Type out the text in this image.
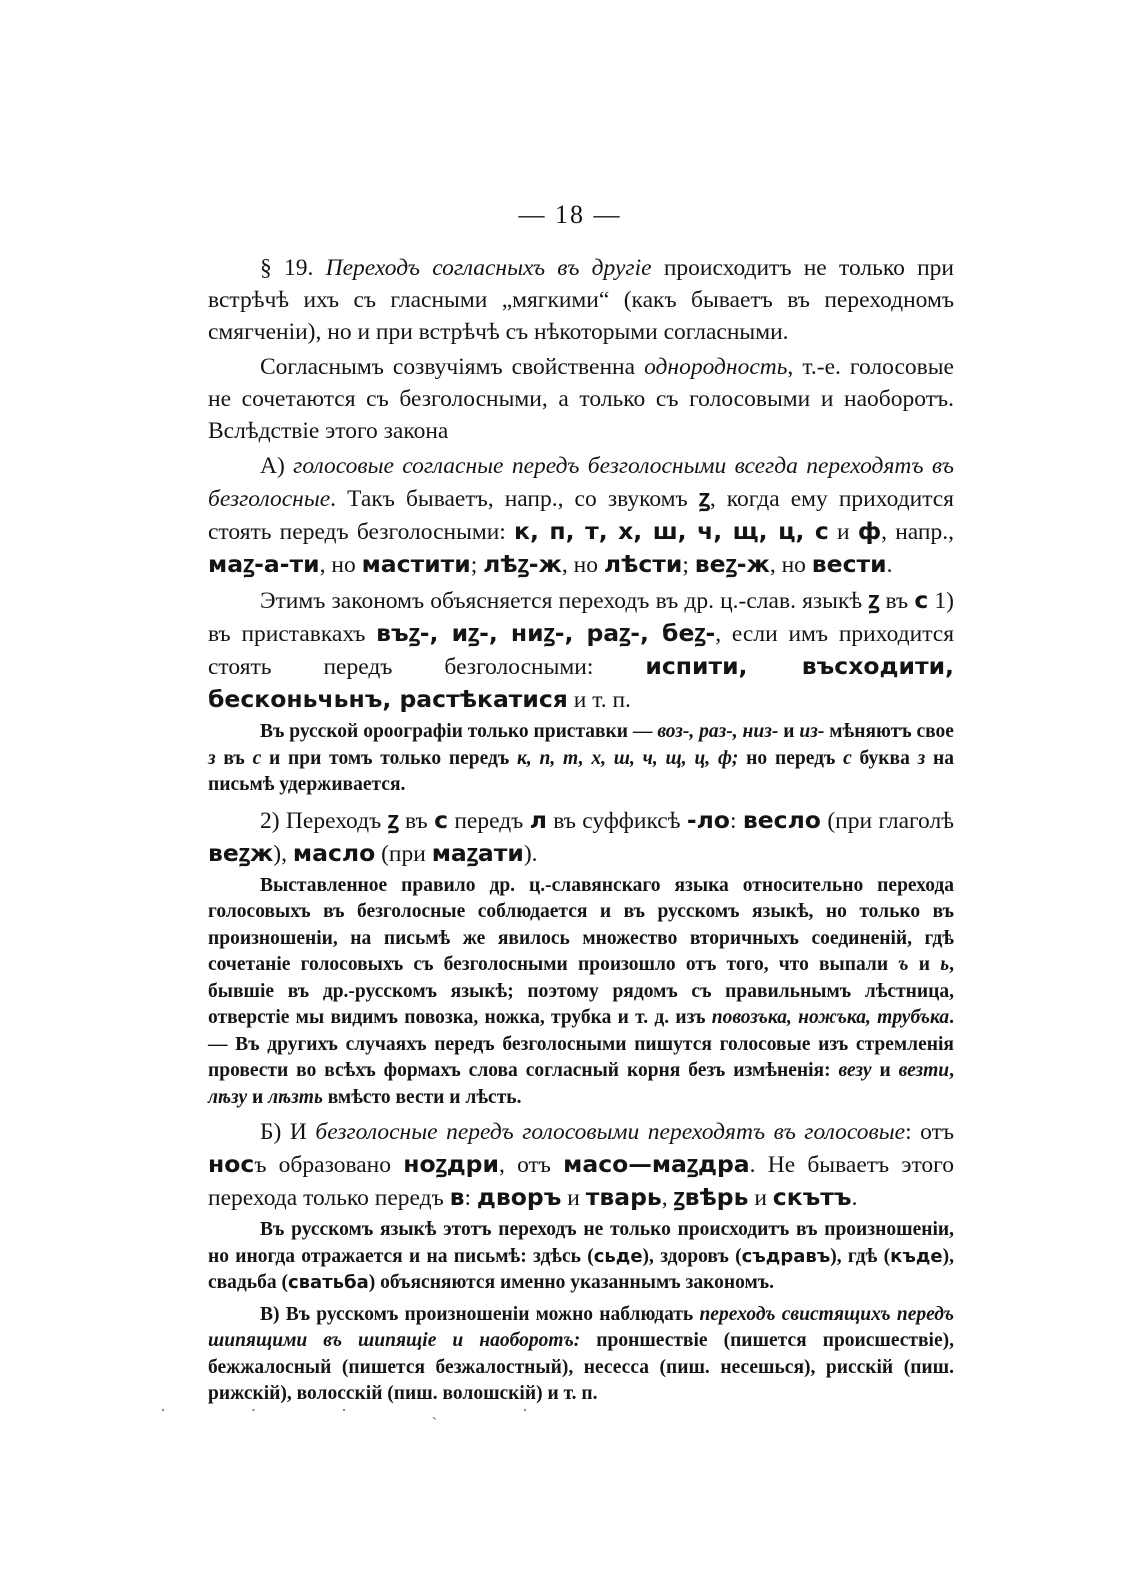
— 18 —

§ 19. Переходъ согласныхъ въ другіе происходитъ не только при встрѣчѣ ихъ съ гласными „мягкими“ (какъ бываетъ въ переходномъ смягченіи), но и при встрѣчѣ съ нѣкоторыми согласными.

Согласнымъ созвучіямъ свойственна однородность, т.-е. голосовые не сочетаются съ безголосными, а только съ голосовыми и наоборотъ. Вслѣдствіе этого закона

А) голосовые согласные передъ безголосными всегда переходятъ въ безголосные. Такъ бываетъ, напр., со звукомъ ꙁ, когда ему приходится стоять передъ безголосными: к, п, т, х, ш, ч, щ, ц, с и ф, напр., маꙁ-а-ти, но мастити; лѣꙁ-ж, но лѣсти; веꙁ-ж, но вести.

Этимъ закономъ объясняется переходъ въ др. ц.-слав. языкѣ ꙁ въ с 1) въ приставкахъ въꙁ-, иꙁ-, ниꙁ-, раꙁ-, беꙁ-, если имъ приходится стоять передъ безголосными: испити, въсходити, бесконьчьнъ, растѣкатися и т. п.

Въ русской ороографіи только приставки — воз-, раз-, низ- и из- мѣняютъ свое з въ с и при томъ только передъ к, п, т, х, ш, ч, щ, ц, ф; но передъ с буква з на письмѣ удерживается.

2) Переходъ ꙁ въ с передъ л въ суффиксѣ -ло: весло (при глаголѣ веꙁж), масло (при маꙁати).

Выставленное правило др. ц.-славянскаго языка относительно перехода голосовыхъ въ безголосные соблюдается и въ русскомъ языкѣ, но только въ произношеніи, на письмѣ же явилось множество вторичныхъ соединеній, гдѣ сочетаніе голосовыхъ съ безголосными произошло отъ того, что выпали ъ и ь, бывшіе въ др.-русскомъ языкѣ; поэтому рядомъ съ правильнымъ лѣстница, отверстіе мы видимъ повозка, ножка, трубка и т. д. изъ повозъка, ножъка, трубъка. — Въ другихъ случаяхъ передъ безголосными пишутся голосовые изъ стремленія провести во всѣхъ формахъ слова согласный корня безъ измѣненія: везу и везти, лѣзу и лѣзть вмѣсто вести и лѣсть.

Б) И безголосные передъ голосовыми переходятъ въ голосовые: отъ носъ образовано ноꙁдри, отъ масо—маꙁдра. Не бываетъ этого перехода только передъ в: дворъ и тварь, ꙁвѣрь и скътъ.

Въ русскомъ языкѣ этотъ переходъ не только происходитъ въ произношеніи, но иногда отражается и на письмѣ: здѣсь (сьде), здоровъ (съдравъ), гдѣ (къде), свадьба (сватьба) объясняются именно указаннымъ закономъ.

В) Въ русскомъ произношеніи можно наблюдать переходъ свистящихъ передъ шипящими въ шипящіе и наоборотъ: проншествіе (пишется происшествіе), бежжалосный (пишется безжалостный), несесса (пиш. несешься), рисскій (пиш. рижскій), волосскій (пиш. волошскій) и т. п.

· · · ˏ ·
